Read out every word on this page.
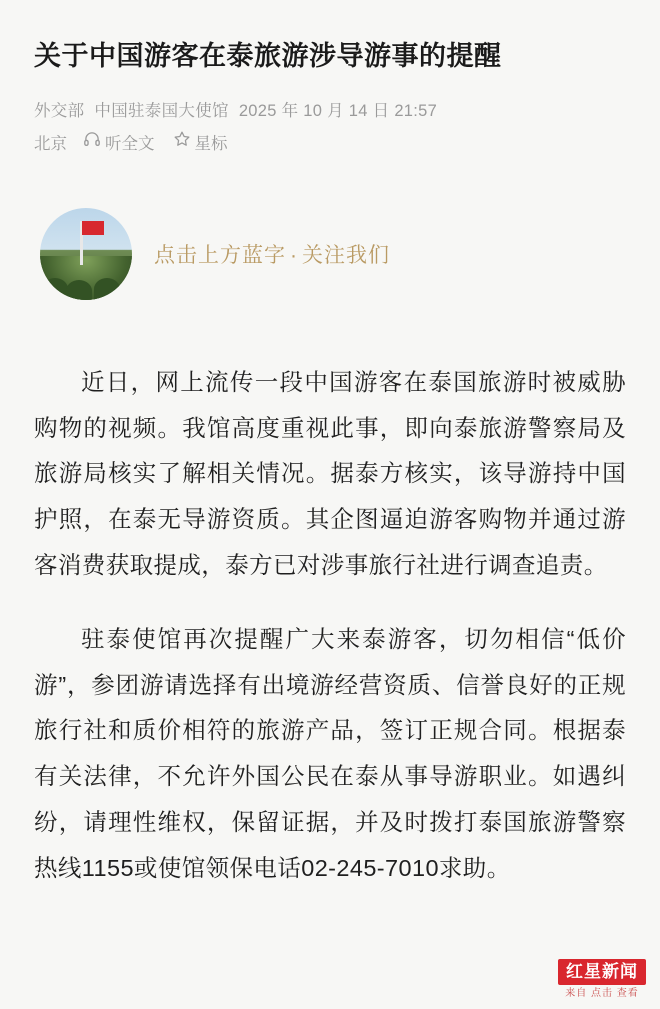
关于中国游客在泰旅游涉导游事的提醒
外交部 中国驻泰国大使馆 2025 年 10 月 14 日 21:57
北京 听全文 星标
点击上方蓝字 · 关注我们

近日，网上流传一段中国游客在泰国旅游时被威胁购物的视频。我馆高度重视此事，即向泰旅游警察局及旅游局核实了解相关情况。据泰方核实，该导游持中国护照，在泰无导游资质。其企图逼迫游客购物并通过游客消费获取提成，泰方已对涉事旅行社进行调查追责。

驻泰使馆再次提醒广大来泰游客，切勿相信“低价游”，参团游请选择有出境游经营资质、信誉良好的正规旅行社和质价相符的旅游产品，签订正规合同。根据泰有关法律，不允许外国公民在泰从事导游职业。如遇纠纷，请理性维权，保留证据，并及时拨打泰国旅游警察热线1155或使馆领保电话02-245-7010求助。

红星新闻
来自 点击 查看
